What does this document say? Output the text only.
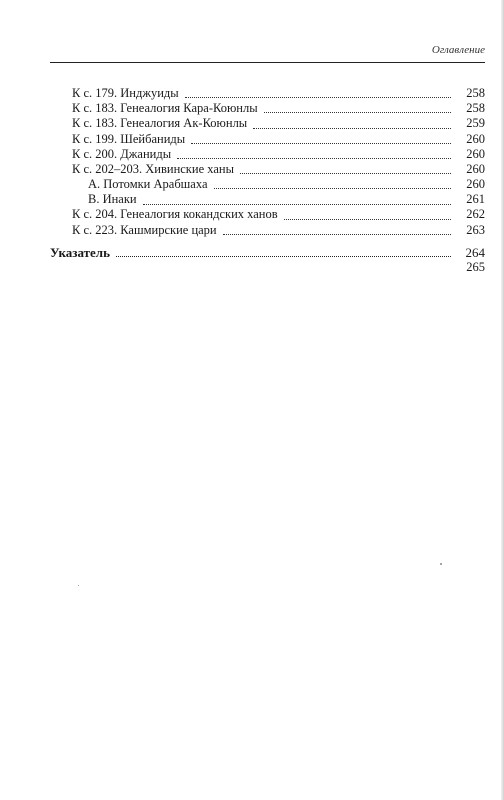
Оглавление
К с. 179. Инджуиды	258
К с. 183. Генеалогия Кара-Коюнлы	258
К с. 183. Генеалогия Ак-Коюнлы	259
К с. 199. Шейбаниды	260
К с. 200. Джаниды	260
К с. 202–203. Хивинские ханы	260
А. Потомки Арабшаха	260
В. Инаки	261
К с. 204. Генеалогия кокандских ханов	262
К с. 223. Кашмирские цари	263
Указатель	264
265
